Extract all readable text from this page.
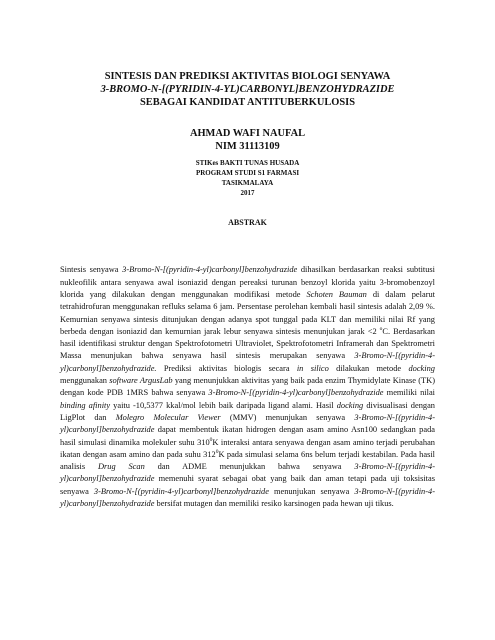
SINTESIS DAN PREDIKSI AKTIVITAS BIOLOGI SENYAWA
3-BROMO-N-[(PYRIDIN-4-YL)CARBONYL]BENZOHYDRAZIDE
SEBAGAI KANDIDAT ANTITUBERKULOSIS
AHMAD WAFI NAUFAL
NIM 31113109
STIKes BAKTI TUNAS HUSADA
PROGRAM STUDI S1 FARMASI
TASIKMALAYA
2017
ABSTRAK

Sintesis senyawa 3-Bromo-N-[(pyridin-4-yl)carbonyl]benzohydrazide dihasilkan berdasarkan reaksi subtitusi nukleofilik antara senyawa awal isoniazid dengan pereaksi turunan benzoyl klorida yaitu 3-bromobenzoyl klorida yang dilakukan dengan menggunakan modifikasi metode Schoten Bauman di dalam pelarut tetrahidrofuran menggunakan refluks selama 6 jam. Persentase perolehan kembali hasil sintesis adalah 2,09 %. Kemurnian senyawa sintesis ditunjukan dengan adanya spot tunggal pada KLT dan memiliki nilai Rf yang berbeda dengan isoniazid dan kemurnian jarak lebur senyawa sintesis menunjukan jarak <2 $^o$C. Berdasarkan hasil identifikasi struktur dengan Spektrofotometri Ultraviolet, Spektrofotometri Inframerah dan Spektrometri Massa menunjukan bahwa senyawa hasil sintesis merupakan senyawa 3-Bromo-N-[(pyridin-4-yl)carbonyl]benzohydrazide. Prediksi aktivitas biologis secara in silico dilakukan metode docking menggunakan software ArgusLab yang menunjukkan aktivitas yang baik pada enzim Thymidylate Kinase (TK) dengan kode PDB 1MRS bahwa senyawa 3-Bromo-N-[(pyridin-4-yl)carbonyl]benzohydrazide memiliki nilai binding afinity yaitu -10,5377 kkal/mol lebih baik daripada ligand alami. Hasil docking divisualisasi dengan LigPlot dan Molegro Molecular Viewer (MMV) menunjukan senyawa 3-Bromo-N-[(pyridin-4-yl)carbonyl]benzohydrazide dapat membentuk ikatan hidrogen dengan asam amino Asn100 sedangkan pada hasil simulasi dinamika molekuler suhu $310^0K$ interaksi antara senyawa dengan asam amino terjadi perubahan ikatan dengan asam amino dan pada suhu $312^0K$ pada simulasi selama 6ns belum terjadi kestabilan. Pada hasil analisis Drug Scan dan ADME menunjukkan bahwa senyawa 3-Bromo-N-[(pyridin-4-yl)carbonyl]benzohydrazide memenuhi syarat sebagai obat yang baik dan aman tetapi pada uji toksisitas senyawa 3-Bromo-N-[(pyridin-4-yl)carbonyl]benzohydrazide menunjukan senyawa 3-Bromo-N-[(pyridin-4-yl)carbonyl]benzohydrazide bersifat mutagen dan memiliki resiko karsinogen pada hewan uji tikus.
